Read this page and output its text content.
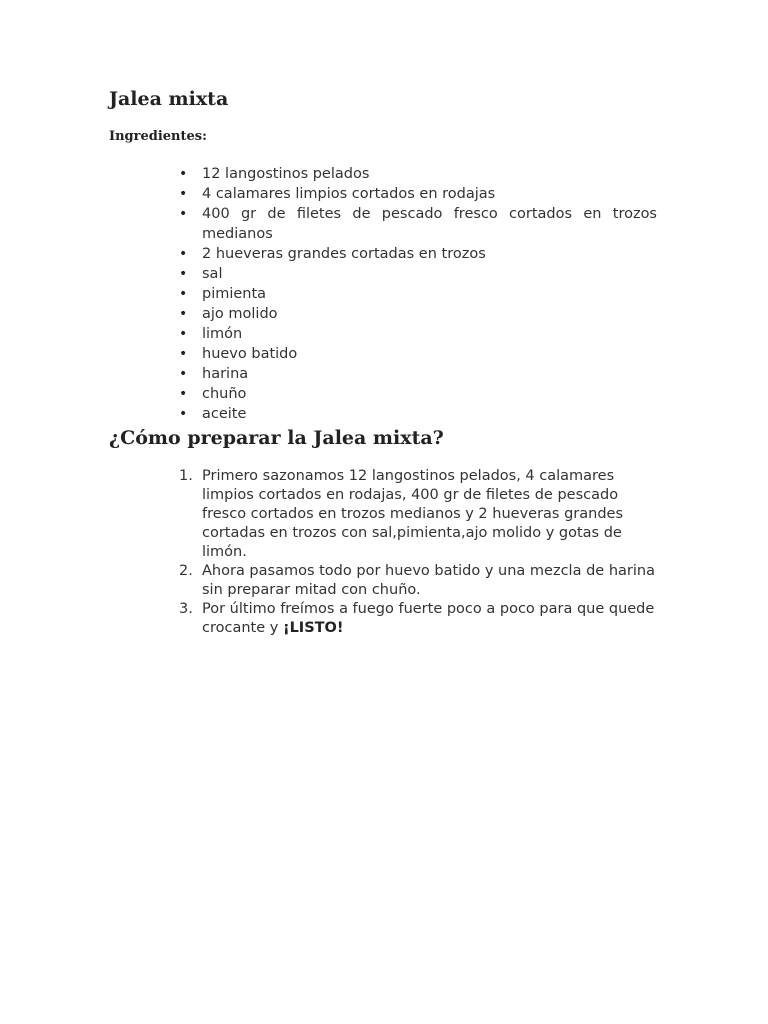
Jalea mixta
Ingredientes:
• 12 langostinos pelados
• 4 calamares limpios cortados en rodajas
• 400 gr de filetes de pescado fresco cortados en trozos medianos
• 2 hueveras grandes cortadas en trozos
• sal
• pimienta
• ajo molido
• limón
• huevo batido
• harina
• chuño
• aceite
¿Cómo preparar la Jalea mixta?
1. Primero sazonamos 12 langostinos pelados, 4 calamares limpios cortados en rodajas, 400 gr de filetes de pescado fresco cortados en trozos medianos y 2 hueveras grandes cortadas en trozos con sal,pimienta,ajo molido y gotas de limón.
2. Ahora pasamos todo por huevo batido y una mezcla de harina sin preparar mitad con chuño.
3. Por último freímos a fuego fuerte poco a poco para que quede crocante y ¡LISTO!
